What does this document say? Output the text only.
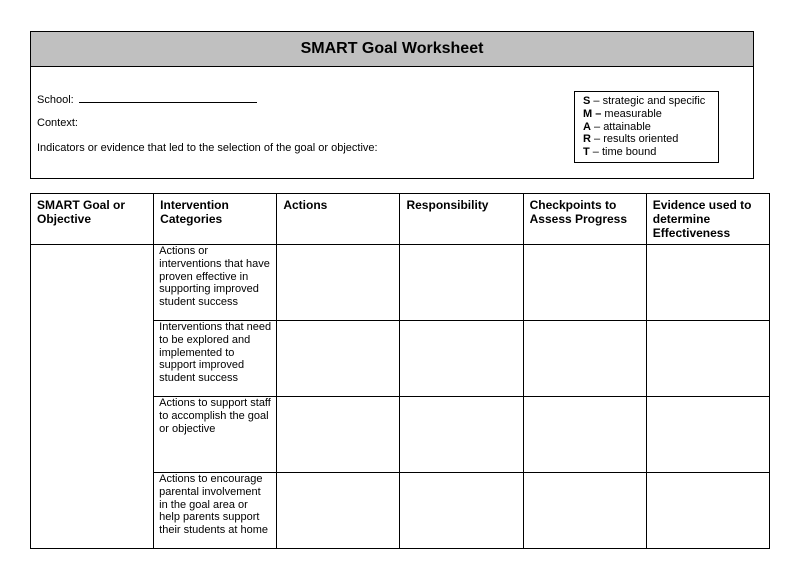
SMART Goal Worksheet
School:
Context:
Indicators or evidence that led to the selection of the goal or objective:
S – strategic and specific
M – measurable
A – attainable
R – results oriented
T – time bound
SMART Goal or Objective	Intervention Categories	Actions	Responsibility	Checkpoints to Assess Progress	Evidence used to determine Effectiveness
	Actions or interventions that have proven effective in supporting improved student success				
	Interventions that need to be explored and implemented to support improved student success				
	Actions to support staff to accomplish the goal or objective				
	Actions to encourage parental involvement in the goal area or help parents support their students at home				
